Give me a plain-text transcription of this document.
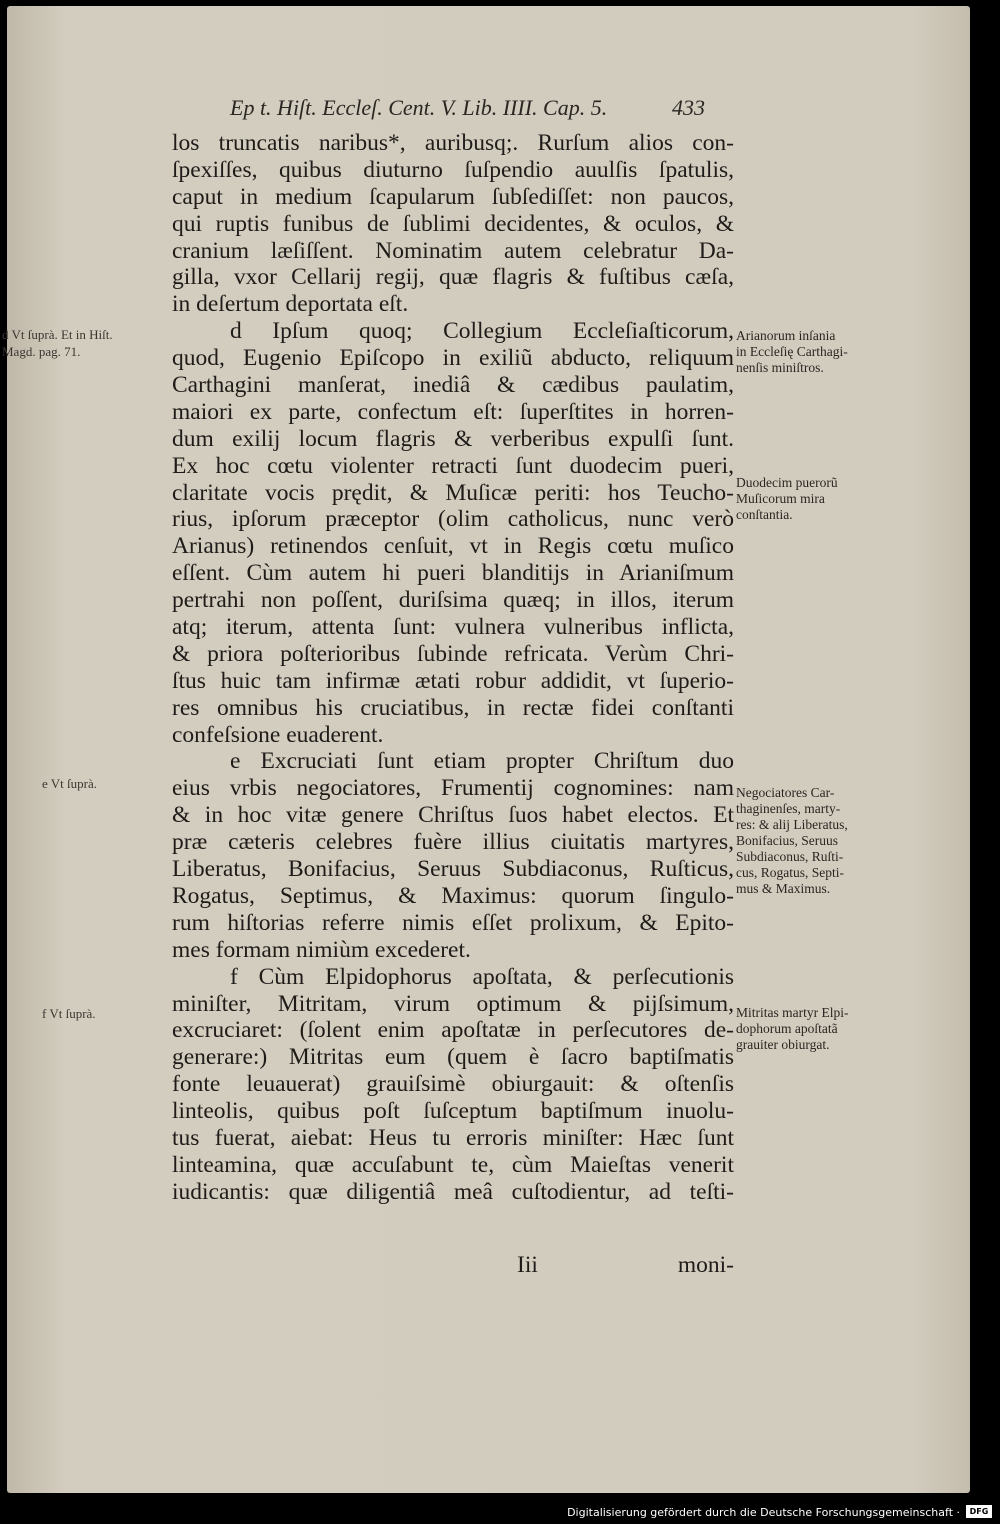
Ep t. Hiſt. Eccleſ. Cent. V. Lib. IIII. Cap. 5.	433
los truncatis naribus*, auribusq;. Rurſum alios con-
ſpexiſſes, quibus diuturno ſuſpendio auulſis ſpatulis,
caput in medium ſcapularum ſubſediſſet: non paucos,
qui ruptis funibus de ſublimi decidentes, & oculos, &
cranium læſiſſent. Nominatim autem celebratur Da-
gilla, vxor Cellarij regij, quæ flagris & fuſtibus cæſa,
in deſertum deportata eſt.
d Ipſum quoq; Collegium Eccleſiaſticorum,
quod, Eugenio Epiſcopo in exiliũ abducto, reliquum
Carthagini manſerat, inediâ & cædibus paulatim,
maiori ex parte, confectum eſt: ſuperſtites in horren-
dum exilij locum flagris & verberibus expulſi ſunt.
Ex hoc cœtu violenter retracti ſunt duodecim pueri,
claritate vocis prędit, & Muſicæ periti: hos Teucho-
rius, ipſorum præceptor (olim catholicus, nunc verò
Arianus) retinendos cenſuit, vt in Regis cœtu muſico
eſſent. Cùm autem hi pueri blanditijs in Arianiſmum
pertrahi non poſſent, duriſsima quæq; in illos, iterum
atq; iterum, attenta ſunt: vulnera vulneribus inflicta,
& priora poſterioribus ſubinde refricata. Verùm Chri-
ſtus huic tam infirmæ ætati robur addidit, vt ſuperio-
res omnibus his cruciatibus, in rectæ fidei conſtanti
confeſsione euaderent.
e Excruciati ſunt etiam propter Chriſtum duo
eius vrbis negociatores, Frumentij cognomines: nam
& in hoc vitæ genere Chriſtus ſuos habet electos. Et
præ cæteris celebres fuère illius ciuitatis martyres,
Liberatus, Bonifacius, Seruus Subdiaconus, Ruſticus,
Rogatus, Septimus, & Maximus: quorum ſingulo-
rum hiſtorias referre nimis eſſet prolixum, & Epito-
mes formam nimiùm excederet.
f Cùm Elpidophorus apoſtata, & perſecutionis
miniſter, Mitritam, virum optimum & pijſsimum,
excruciaret: (ſolent enim apoſtatæ in perſecutores de-
generare:) Mitritas eum (quem è ſacro baptiſmatis
fonte leuauerat) grauiſsimè obiurgauit: & oſtenſis
linteolis, quibus poſt ſuſceptum baptiſmum inuolu-
tus fuerat, aiebat: Heus tu erroris miniſter: Hæc ſunt
linteamina, quæ accuſabunt te, cùm Maieſtas venerit
iudicantis: quæ diligentiâ meâ cuſtodientur, ad teſti-
Iii	moni-
d Vt ſuprà. Et in Hiſt.
Magd. pag. 71.
e Vt ſuprà.
f Vt ſuprà.
Arianorum inſania
in Eccleſię Carthagi-
nenſis miniſtros.
Duodecim puerorũ
Muſicorum mira
conſtantia.
Negociatores Car-
thaginenſes, marty-
res: & alij Liberatus,
Bonifacius, Seruus
Subdiaconus, Ruſti-
cus, Rogatus, Septi-
mus & Maximus.
Mitritas martyr Elpi-
dophorum apoſtatã
grauiter obiurgat.
Digitalisierung gefördert durch die Deutsche Forschungsgemeinschaft ·	DFG
